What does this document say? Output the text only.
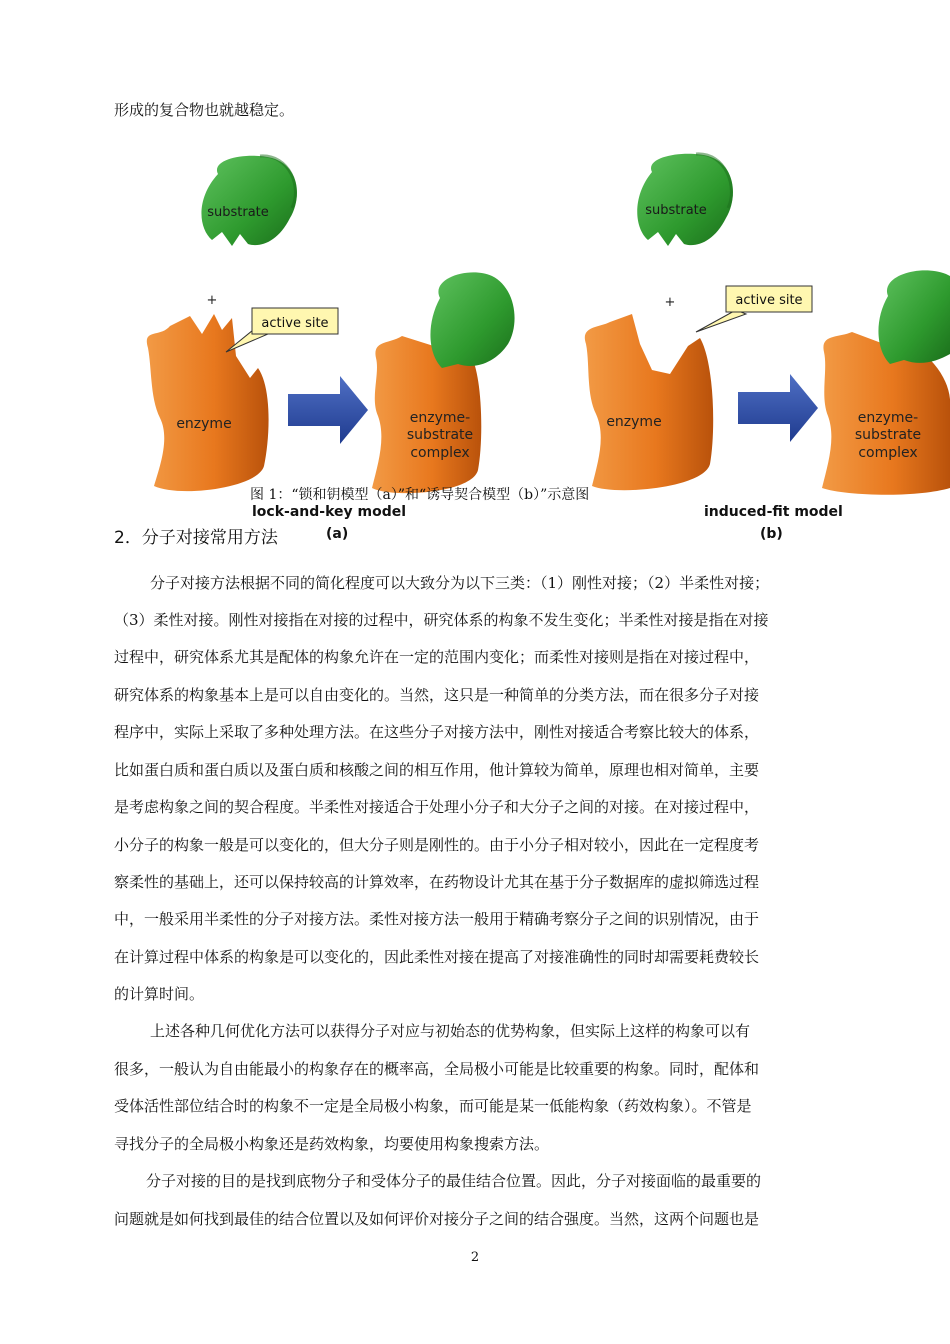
形成的复合物也就越稳定。
substrate
+
enzyme
active site
enzyme-
substrate
complex
lock-and-key model
(a)
substrate
+
enzyme
active site
enzyme-
substrate
complex
induced-fit model
(b)
图 1：“锁和钥模型（a）”和“诱导契合模型（b）”示意图
2．分子对接常用方法
分子对接方法根据不同的简化程度可以大致分为以下三类：（1）刚性对接；（2）半柔性对接；
（3）柔性对接。刚性对接指在对接的过程中，研究体系的构象不发生变化；半柔性对接是指在对接
过程中，研究体系尤其是配体的构象允许在一定的范围内变化；而柔性对接则是指在对接过程中，
研究体系的构象基本上是可以自由变化的。当然，这只是一种简单的分类方法，而在很多分子对接
程序中，实际上采取了多种处理方法。在这些分子对接方法中，刚性对接适合考察比较大的体系，
比如蛋白质和蛋白质以及蛋白质和核酸之间的相互作用，他计算较为简单，原理也相对简单，主要
是考虑构象之间的契合程度。半柔性对接适合于处理小分子和大分子之间的对接。在对接过程中，
小分子的构象一般是可以变化的，但大分子则是刚性的。由于小分子相对较小，因此在一定程度考
察柔性的基础上，还可以保持较高的计算效率，在药物设计尤其在基于分子数据库的虚拟筛选过程
中，一般采用半柔性的分子对接方法。柔性对接方法一般用于精确考察分子之间的识别情况，由于
在计算过程中体系的构象是可以变化的，因此柔性对接在提高了对接准确性的同时却需要耗费较长
的计算时间。
上述各种几何优化方法可以获得分子对应与初始态的优势构象，但实际上这样的构象可以有
很多，一般认为自由能最小的构象存在的概率高，全局极小可能是比较重要的构象。同时，配体和
受体活性部位结合时的构象不一定是全局极小构象，而可能是某一低能构象（药效构象）。不管是
寻找分子的全局极小构象还是药效构象，均要使用构象搜索方法。
分子对接的目的是找到底物分子和受体分子的最佳结合位置。因此，分子对接面临的最重要的
问题就是如何找到最佳的结合位置以及如何评价对接分子之间的结合强度。当然，这两个问题也是
2
